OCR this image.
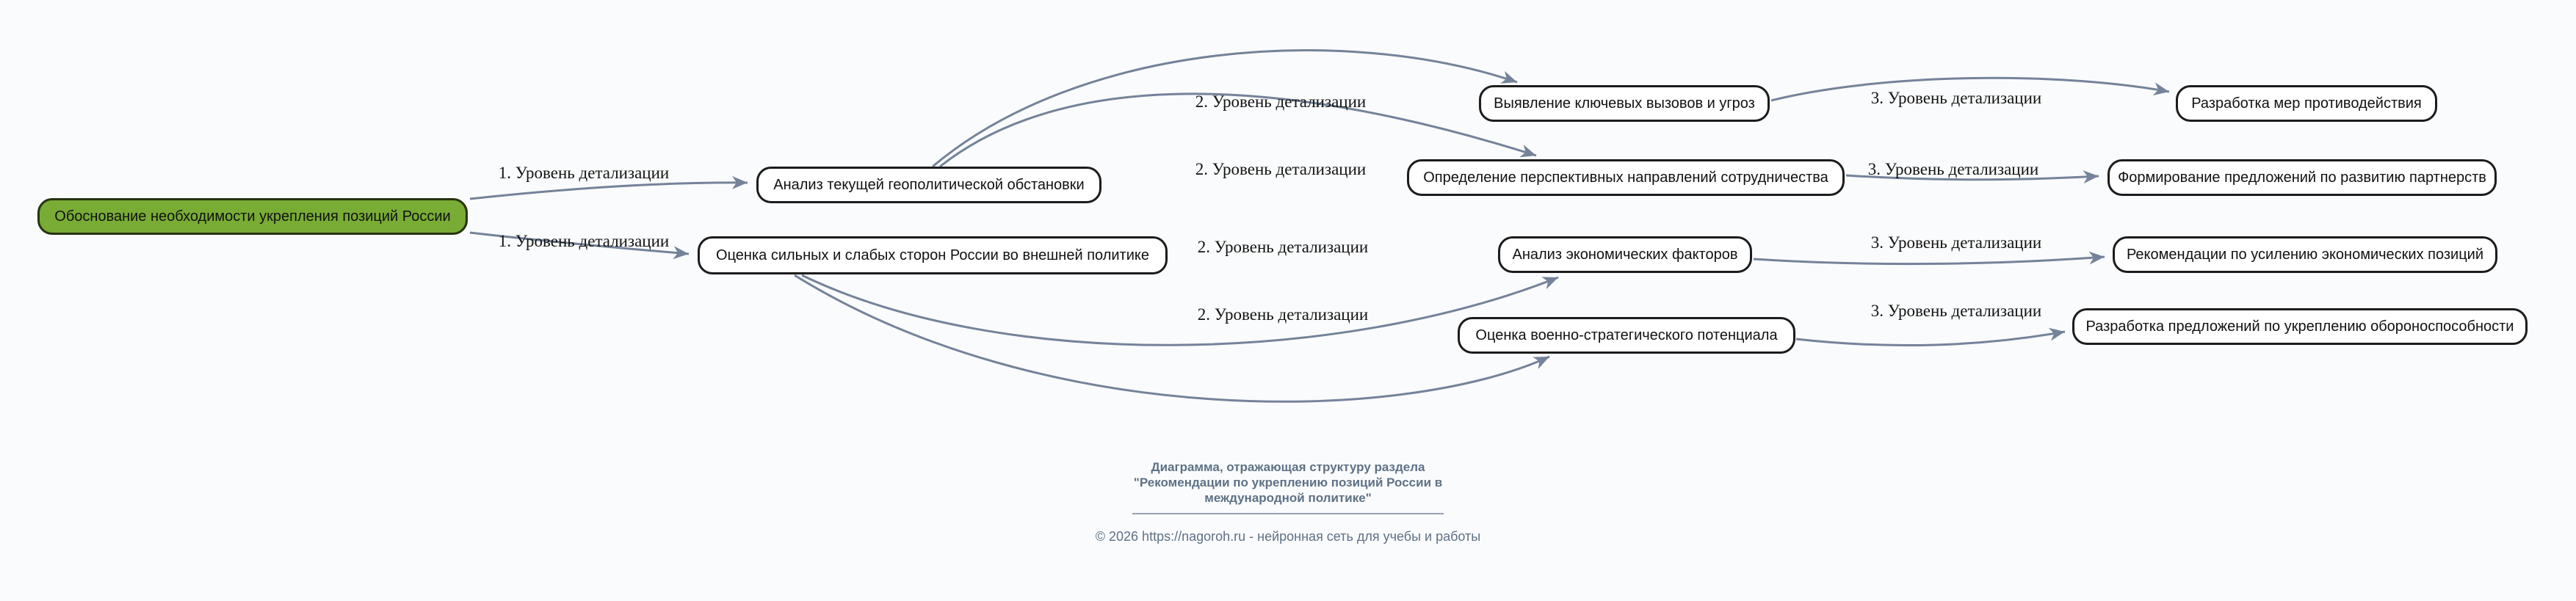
1. Уровень детализации
1. Уровень детализации
2. Уровень детализации
2. Уровень детализации
2. Уровень детализации
2. Уровень детализации
3. Уровень детализации
3. Уровень детализации
3. Уровень детализации
3. Уровень детализации
Обоснование необходимости укрепления позиций России
Анализ текущей геополитической обстановки
Оценка сильных и слабых сторон России во внешней политике
Выявление ключевых вызовов и угроз
Определение перспективных направлений сотрудничества
Анализ экономических факторов
Оценка военно-стратегического потенциала
Разработка мер противодействия
Формирование предложений по развитию партнерств
Рекомендации по усилению экономических позиций
Разработка предложений по укреплению обороноспособности
Диаграмма, отражающая структуру раздела
"Рекомендации по укреплению позиций России в
международной политике"
© 2026 https://nagoroh.ru - нейронная сеть для учебы и работы
